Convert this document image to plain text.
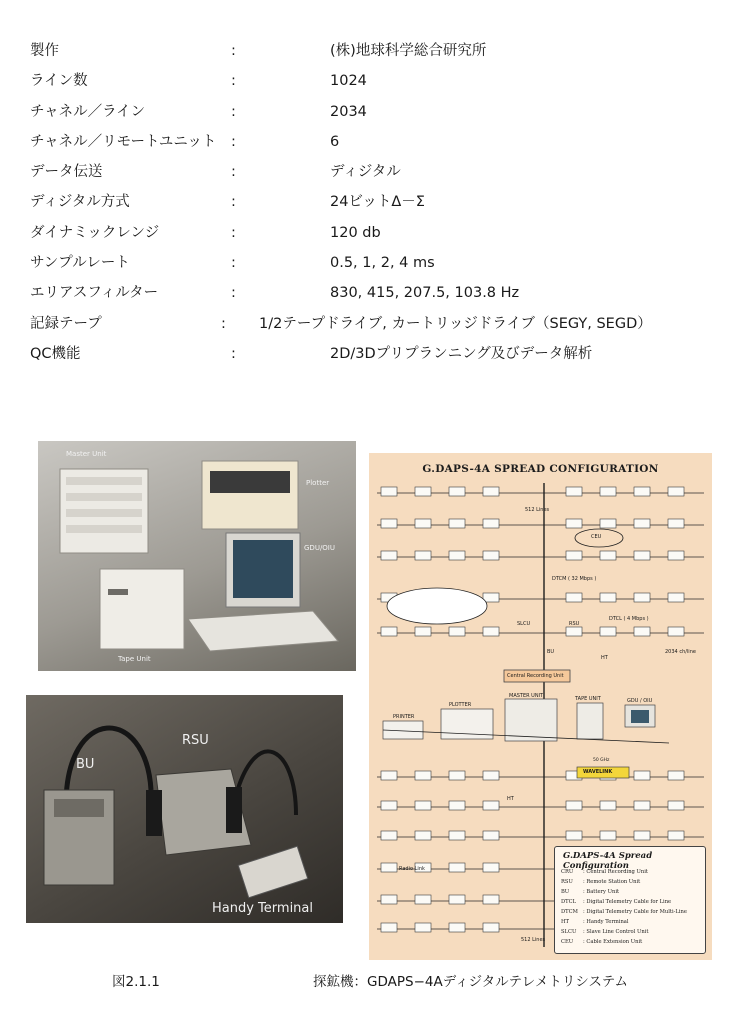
製作	:	(株)地球科学総合研究所
ライン数	:	1024
チャネル／ライン	:	2034
チャネル／リモートユニット :	6
データ伝送	:	ディジタル
ディジタル方式	:	24ビットΔ－Σ
ダイナミックレンジ	:	120 db
サンプルレート	:	0.5, 1, 2, 4 ms
エリアスフィルター	:	830, 415, 207.5, 103.8 Hz
記録テープ	: 1/2テープドライブ, カートリッジドライブ（SEGY, SEGD）
QC機能	:	2D/3Dプリプランニング及びデータ解析
Master Unit
Plotter
GDU/OIU
Tape Unit
BU
RSU
Handy Terminal
G.DAPS-4A SPREAD CONFIGURATION
512 Lines
CEU
DTCM ( 32 Mbps )
SLCU	RSU
DTCL ( 4 Mbps )
BU
HT
2034 ch/line
Central Recording Unit
PRINTER
PLOTTER
MASTER UNIT	TAPE UNIT	GDU / OIU
50 GHz
WAVELINK
HT
Radio Link
512 Lines
G.DAPS-4A Spread Configuration
CRU : Central Recording Unit
RSU : Remote Station Unit
BU	: Battery Unit
DTCL : Digital Telemetry Cable for Line
DTCM : Digital Telemetry Cable for Multi-Line
HT	: Handy Terminal
SLCU : Slave Line Control Unit
CEU : Cable Extension Unit
図2.1.1	探鉱機：GDAPS−4Aディジタルテレメトリシステム
